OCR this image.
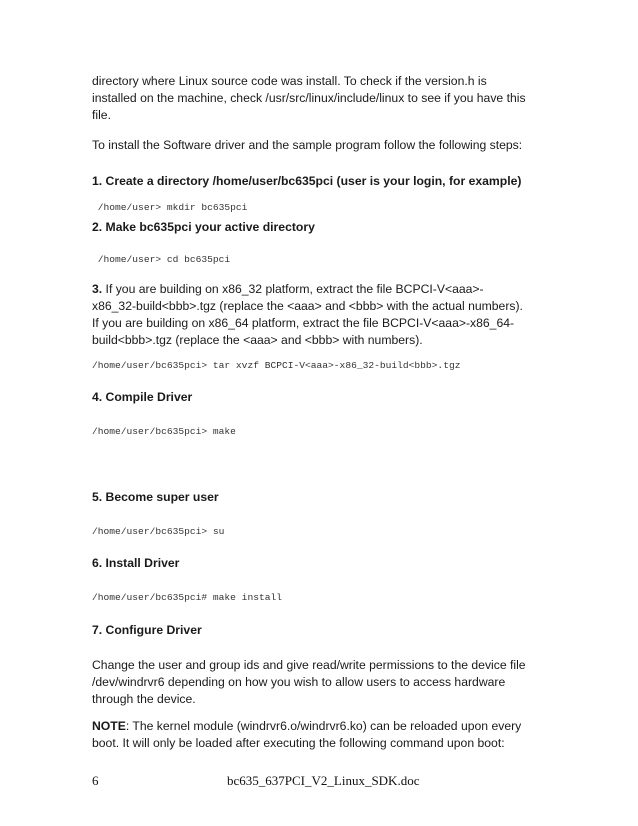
directory where Linux source code was install. To check if the version.h is
installed on the machine, check /usr/src/linux/include/linux to see if you have this
file.
To install the Software driver and the sample program follow the following steps:
1. Create a directory /home/user/bc635pci (user is your login, for example)
/home/user> mkdir bc635pci
2. Make bc635pci your active directory
/home/user> cd bc635pci
3. If you are building on x86_32 platform, extract the file BCPCI-V<aaa>-
x86_32-build<bbb>.tgz (replace the <aaa> and <bbb> with the actual numbers).
If you are building on x86_64 platform, extract the file BCPCI-V<aaa>-x86_64-
build<bbb>.tgz (replace the <aaa> and <bbb> with numbers).
/home/user/bc635pci> tar xvzf BCPCI-V<aaa>-x86_32-build<bbb>.tgz
4. Compile Driver
/home/user/bc635pci> make
5. Become super user
/home/user/bc635pci> su
6. Install Driver
/home/user/bc635pci# make install
7. Configure Driver
Change the user and group ids and give read/write permissions to the device file
/dev/windrvr6 depending on how you wish to allow users to access hardware
through the device.
NOTE: The kernel module (windrvr6.o/windrvr6.ko) can be reloaded upon every
boot. It will only be loaded after executing the following command upon boot:
6	bc635_637PCI_V2_Linux_SDK.doc
